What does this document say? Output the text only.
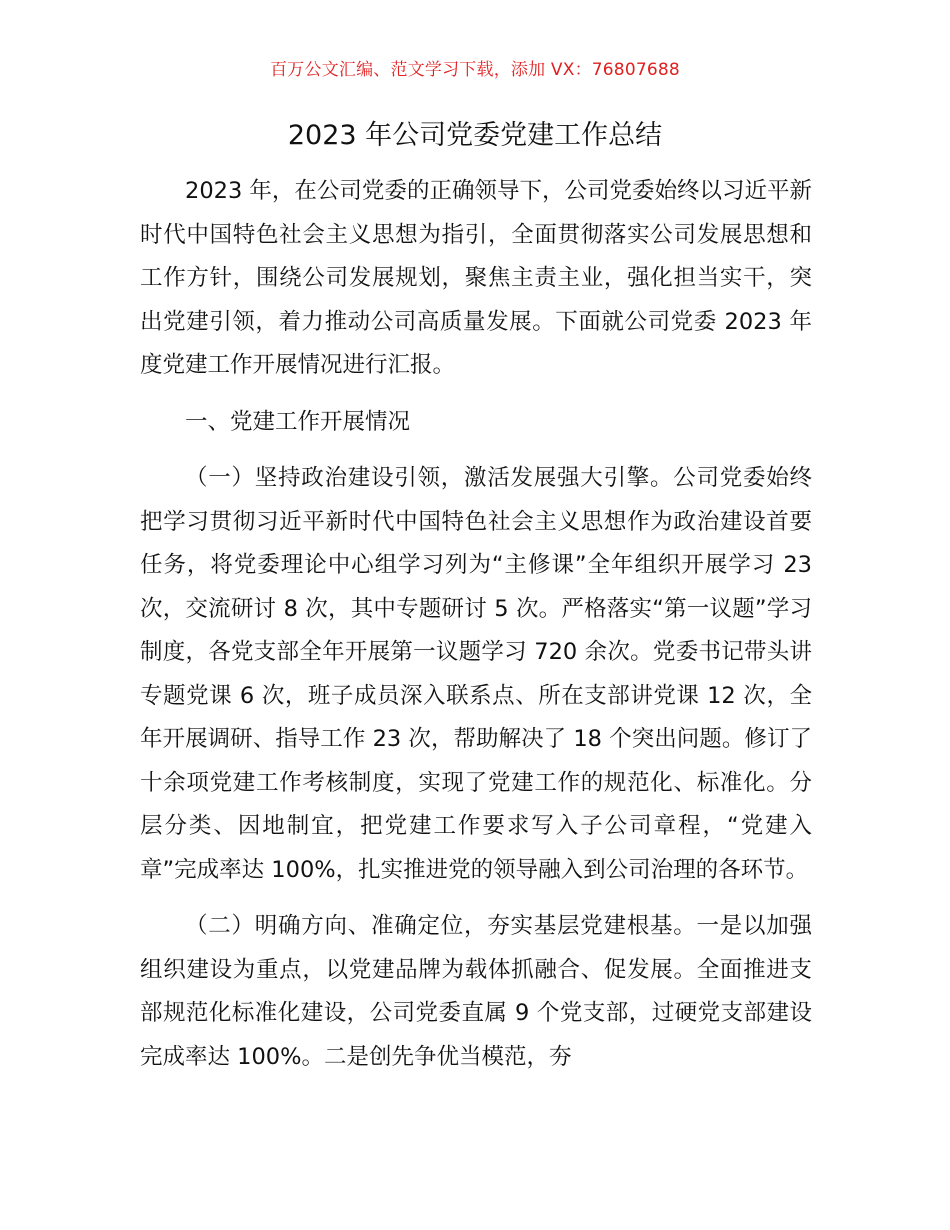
百万公文汇编、范文学习下载，添加 VX：76807688
2023 年公司党委党建工作总结

2023 年，在公司党委的正确领导下，公司党委始终以习近平新时代中国特色社会主义思想为指引，全面贯彻落实公司发展思想和工作方针，围绕公司发展规划，聚焦主责主业，强化担当实干，突出党建引领，着力推动公司高质量发展。下面就公司党委 2023 年度党建工作开展情况进行汇报。

一、党建工作开展情况

（一）坚持政治建设引领，激活发展强大引擎。公司党委始终把学习贯彻习近平新时代中国特色社会主义思想作为政治建设首要任务，将党委理论中心组学习列为“主修课”全年组织开展学习 23 次，交流研讨 8 次，其中专题研讨 5 次。严格落实“第一议题”学习制度，各党支部全年开展第一议题学习 720 余次。党委书记带头讲专题党课 6 次，班子成员深入联系点、所在支部讲党课 12 次，全年开展调研、指导工作 23 次，帮助解决了 18 个突出问题。修订了十余项党建工作考核制度，实现了党建工作的规范化、标准化。分层分类、因地制宜，把党建工作要求写入子公司章程，“党建入章”完成率达 100%，扎实推进党的领导融入到公司治理的各环节。

（二）明确方向、准确定位，夯实基层党建根基。一是以加强组织建设为重点，以党建品牌为载体抓融合、促发展。全面推进支部规范化标准化建设，公司党委直属 9 个党支部，过硬党支部建设完成率达 100%。二是创先争优当模范，夯
